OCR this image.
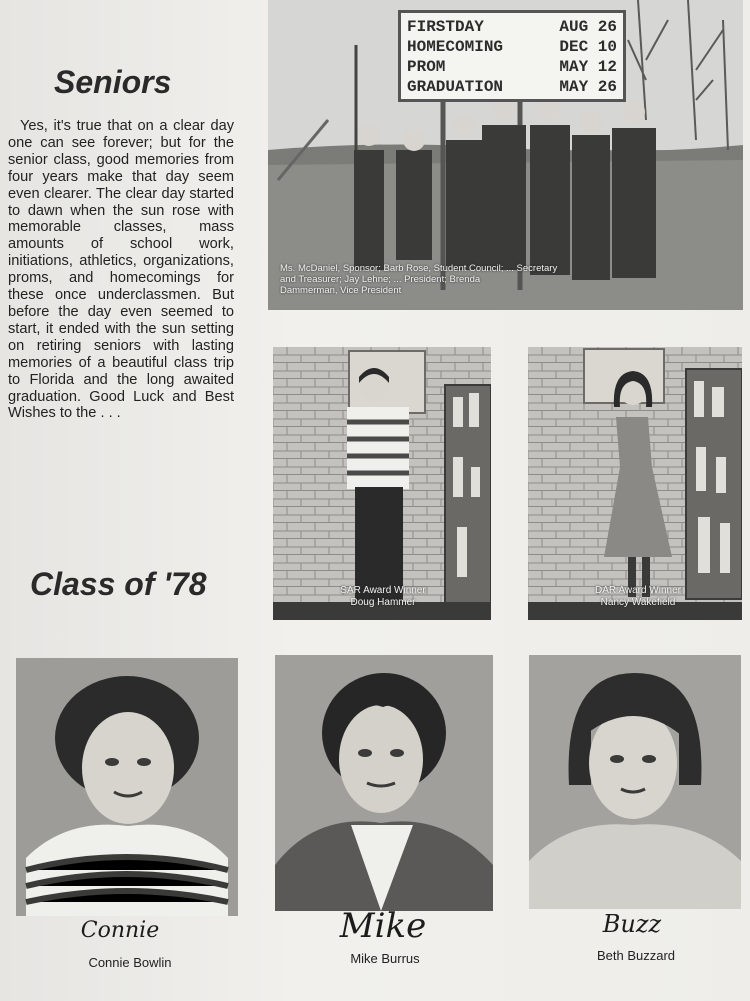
Seniors

Yes, it's true that on a clear day one can see forever; but for the senior class, good memories from four years make that day seem even clearer. The clear day started to dawn when the sun rose with memorable classes, mass amounts of school work, initiations, athletics, organizations, proms, and homecomings for these once underclassmen. But before the day even seemed to start, it ended with the sun setting on retiring seniors with lasting memories of a beautiful class trip to Florida and the long awaited graduation. Good Luck and Best Wishes to the . . .

Class of '78
FIRSTDAY	AUG 26
HOMECOMING	DEC 10
PROM	MAY 12
GRADUATION	MAY 26
Ms. McDaniel, Sponsor; Barb Rose, Student Council; ... Secretary
and Treasurer; Jay Lehne; ... President; Brenda
Dammerman, Vice President
SAR Award Winner
Doug Hammer
DAR Award Winner
Nancy Wakefield
Connie
Connie Bowlin
Mike
Mike Burrus
Buzz
Beth Buzzard
